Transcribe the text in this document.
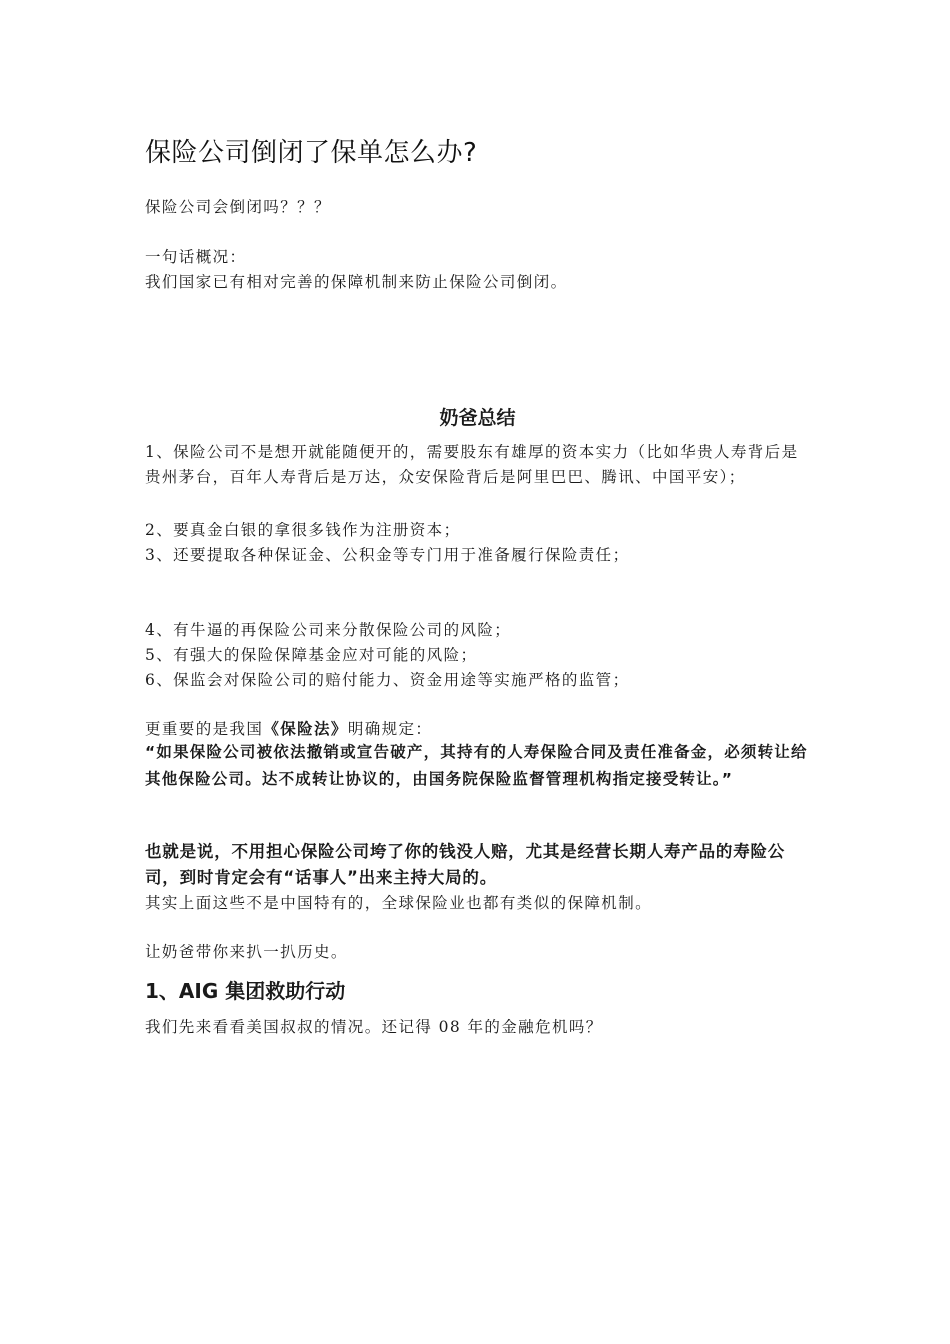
保险公司倒闭了保单怎么办?
保险公司会倒闭吗？？？
一句话概况：
我们国家已有相对完善的保障机制来防止保险公司倒闭。
奶爸总结
1、保险公司不是想开就能随便开的，需要股东有雄厚的资本实力（比如华贵人寿背后是贵州茅台，百年人寿背后是万达，众安保险背后是阿里巴巴、腾讯、中国平安）；
2、要真金白银的拿很多钱作为注册资本；
3、还要提取各种保证金、公积金等专门用于准备履行保险责任；
4、有牛逼的再保险公司来分散保险公司的风险；
5、有强大的保险保障基金应对可能的风险；
6、保监会对保险公司的赔付能力、资金用途等实施严格的监管；
更重要的是我国《保险法》明确规定：
“如果保险公司被依法撤销或宣告破产，其持有的人寿保险合同及责任准备金，必须转让给其他保险公司。达不成转让协议的，由国务院保险监督管理机构指定接受转让。”
也就是说，不用担心保险公司垮了你的钱没人赔，尤其是经营长期人寿产品的寿险公司，到时肯定会有“话事人”出来主持大局的。
其实上面这些不是中国特有的，全球保险业也都有类似的保障机制。
让奶爸带你来扒一扒历史。
1、AIG 集团救助行动
我们先来看看美国叔叔的情况。还记得 08 年的金融危机吗？
